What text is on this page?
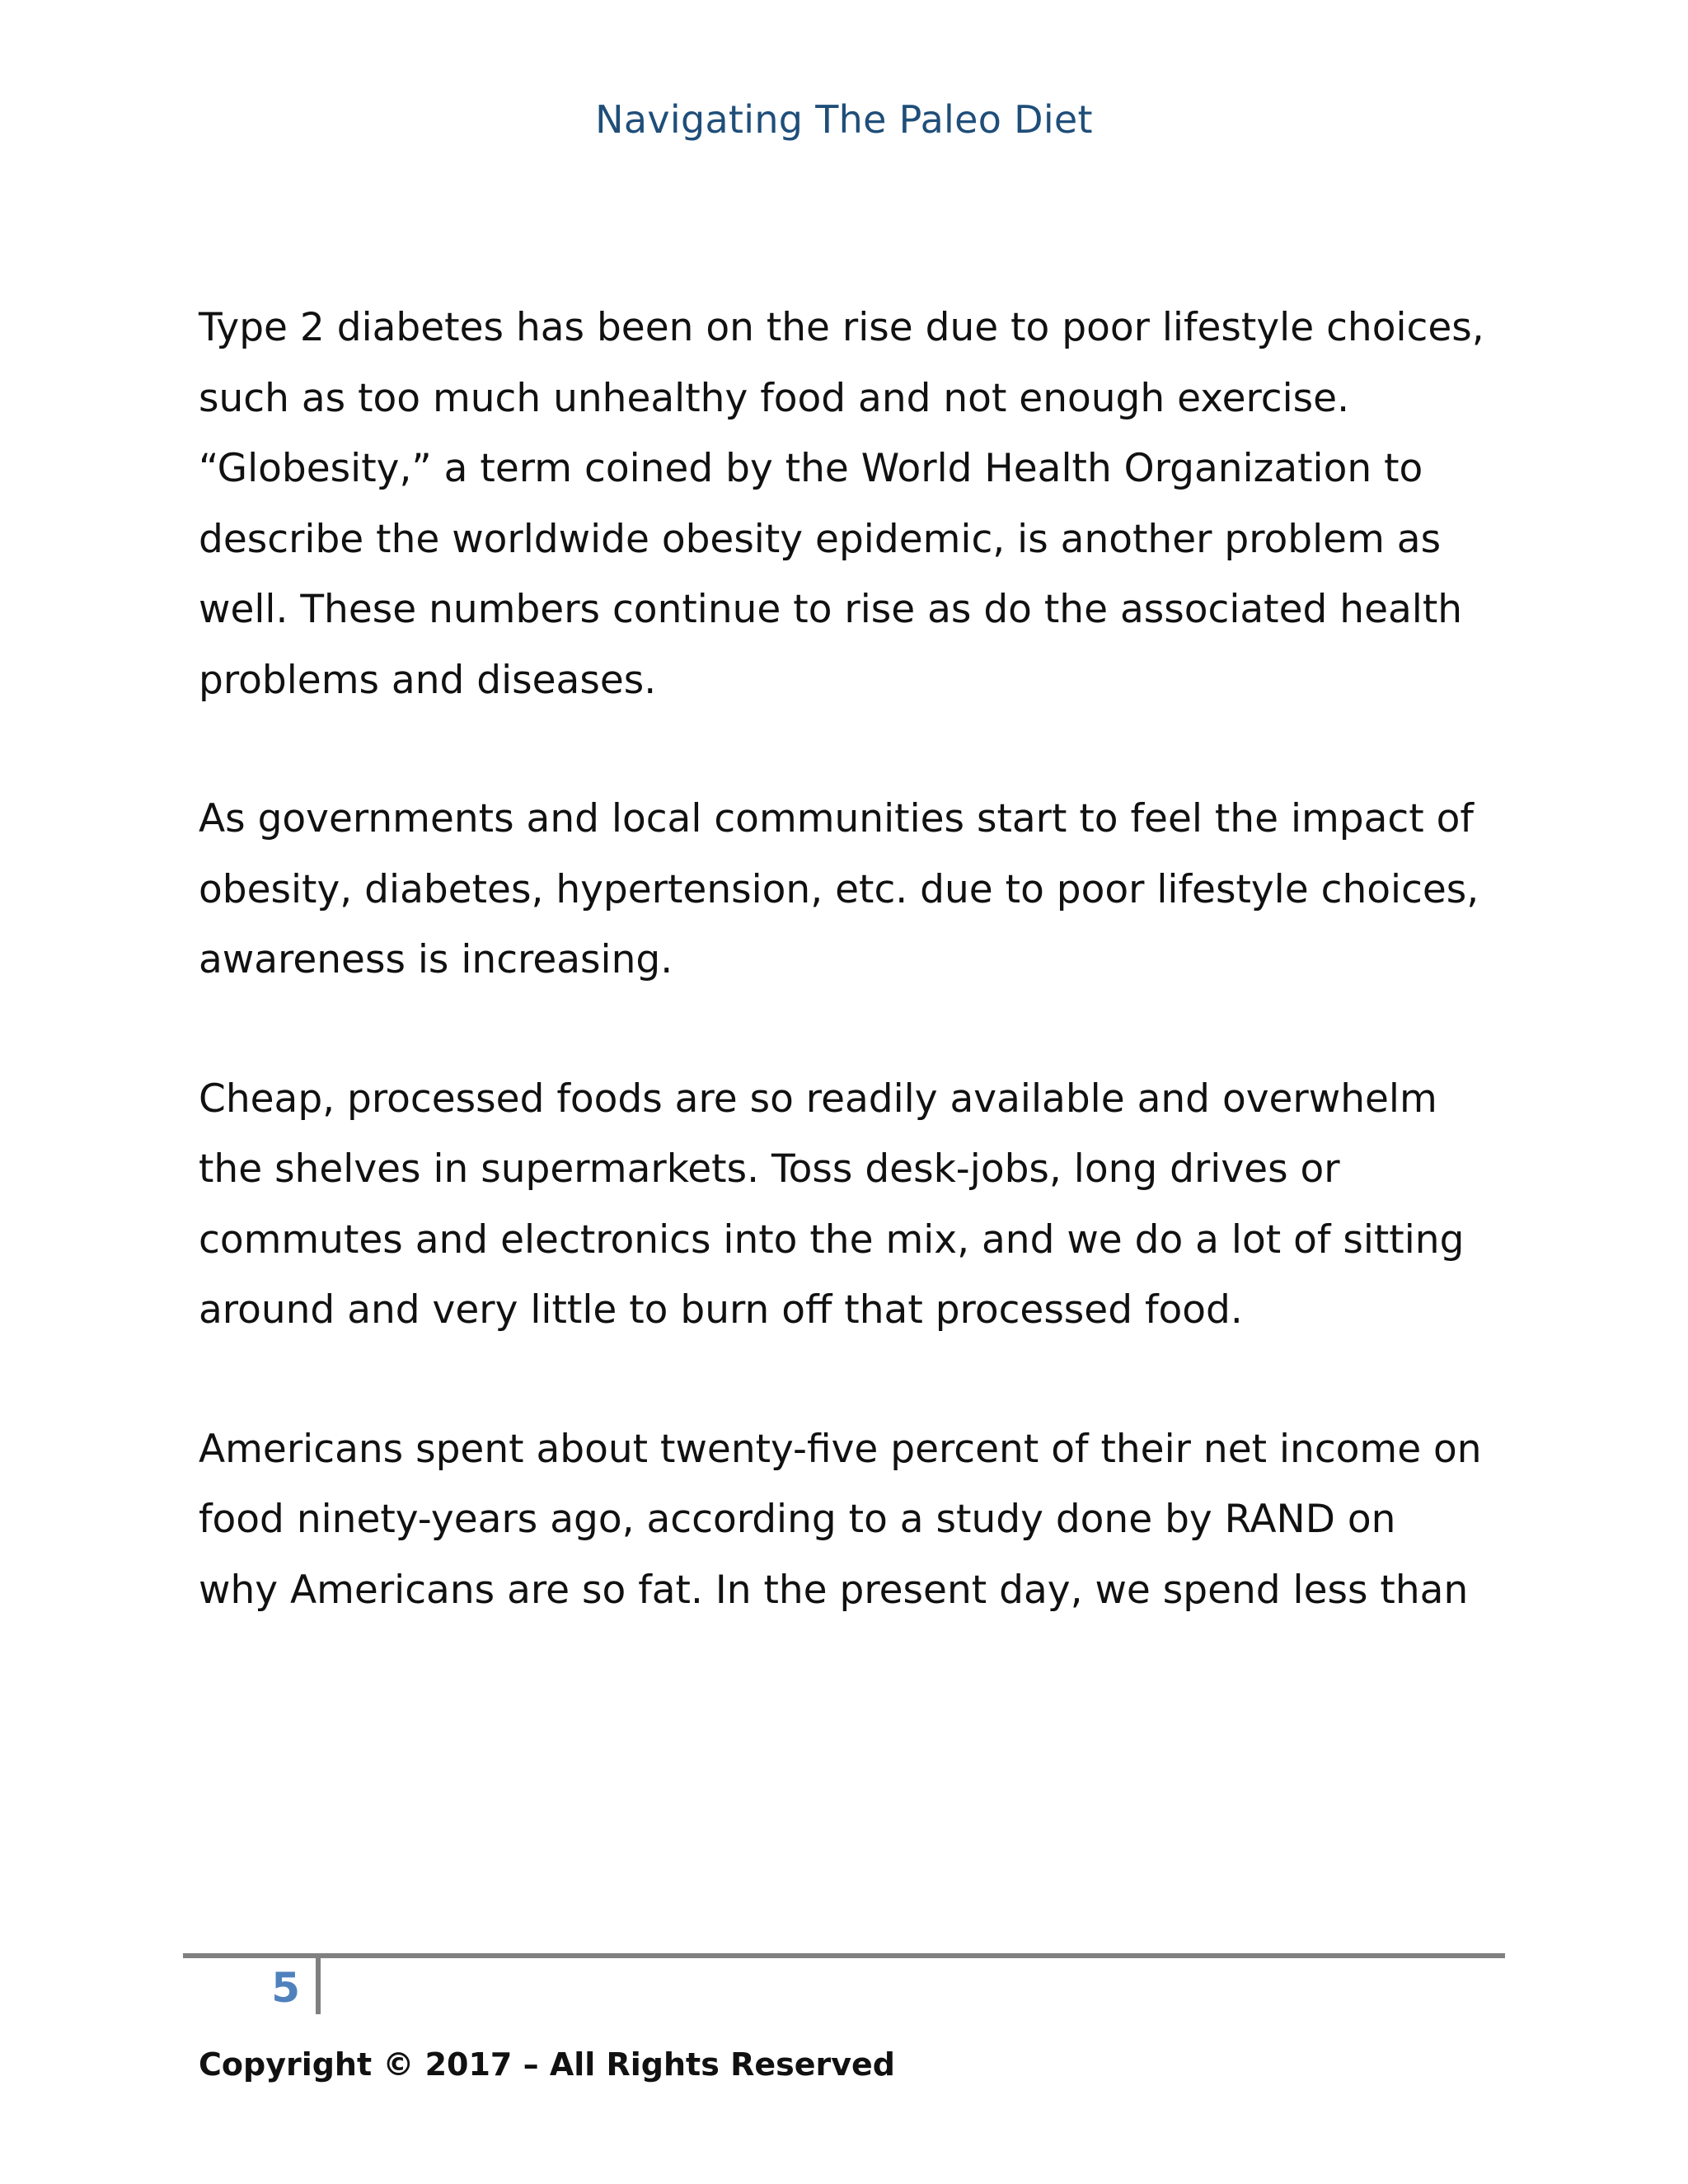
Navigating The Paleo Diet

Type 2 diabetes has been on the rise due to poor lifestyle choices,
such as too much unhealthy food and not enough exercise.
“Globesity,” a term coined by the World Health Organization to
describe the worldwide obesity epidemic, is another problem as
well. These numbers continue to rise as do the associated health
problems and diseases.

As governments and local communities start to feel the impact of
obesity, diabetes, hypertension, etc. due to poor lifestyle choices,
awareness is increasing.

Cheap, processed foods are so readily available and overwhelm
the shelves in supermarkets. Toss desk-jobs, long drives or
commutes and electronics into the mix, and we do a lot of sitting
around and very little to burn off that processed food.

Americans spent about twenty-five percent of their net income on
food ninety-years ago, according to a study done by RAND on
why Americans are so fat. In the present day, we spend less than

5
Copyright © 2017 – All Rights Reserved
